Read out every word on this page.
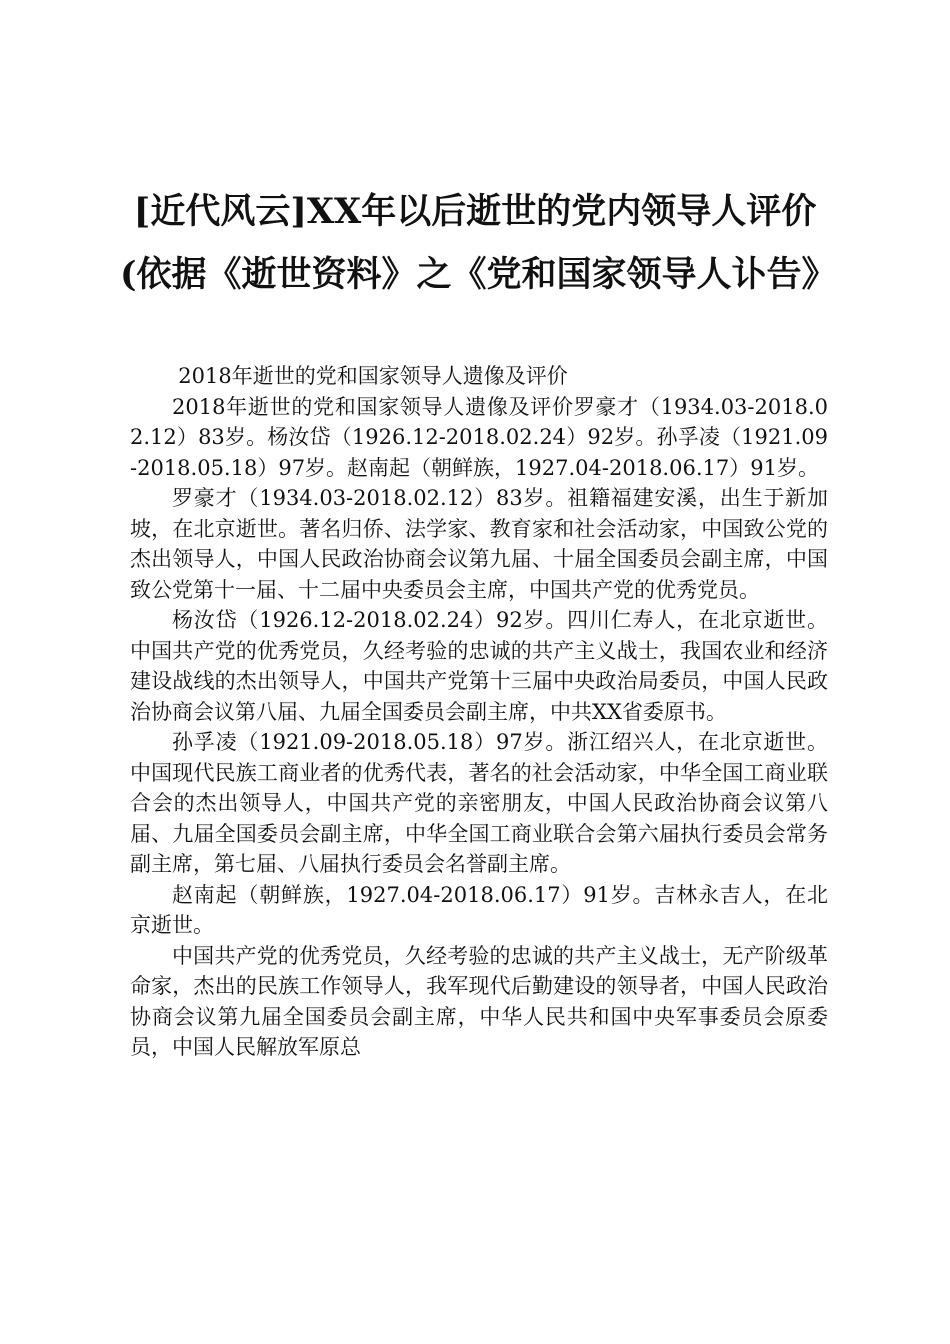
[近代风云]XX年以后逝世的党内领导人评价(依据《逝世资料》之《党和国家领导人讣告》

2018年逝世的党和国家领导人遗像及评价

2018年逝世的党和国家领导人遗像及评价罗豪才（1934.03-2018.02.12）83岁。杨汝岱（1926.12-2018.02.24）92岁。孙孚凌（1921.09-2018.05.18）97岁。赵南起（朝鲜族，1927.04-2018.06.17）91岁。

罗豪才（1934.03-2018.02.12）83岁。祖籍福建安溪，出生于新加坡，在北京逝世。著名归侨、法学家、教育家和社会活动家，中国致公党的杰出领导人，中国人民政治协商会议第九届、十届全国委员会副主席，中国致公党第十一届、十二届中央委员会主席，中国共产党的优秀党员。

杨汝岱（1926.12-2018.02.24）92岁。四川仁寿人，在北京逝世。中国共产党的优秀党员，久经考验的忠诚的共产主义战士，我国农业和经济建设战线的杰出领导人，中国共产党第十三届中央政治局委员，中国人民政治协商会议第八届、九届全国委员会副主席，中共XX省委原书。

孙孚凌（1921.09-2018.05.18）97岁。浙江绍兴人，在北京逝世。中国现代民族工商业者的优秀代表，著名的社会活动家，中华全国工商业联合会的杰出领导人，中国共产党的亲密朋友，中国人民政治协商会议第八届、九届全国委员会副主席，中华全国工商业联合会第六届执行委员会常务副主席，第七届、八届执行委员会名誉副主席。

赵南起（朝鲜族，1927.04-2018.06.17）91岁。吉林永吉人，在北京逝世。

中国共产党的优秀党员，久经考验的忠诚的共产主义战士，无产阶级革命家，杰出的民族工作领导人，我军现代后勤建设的领导者，中国人民政治协商会议第九届全国委员会副主席，中华人民共和国中央军事委员会原委员，中国人民解放军原总
